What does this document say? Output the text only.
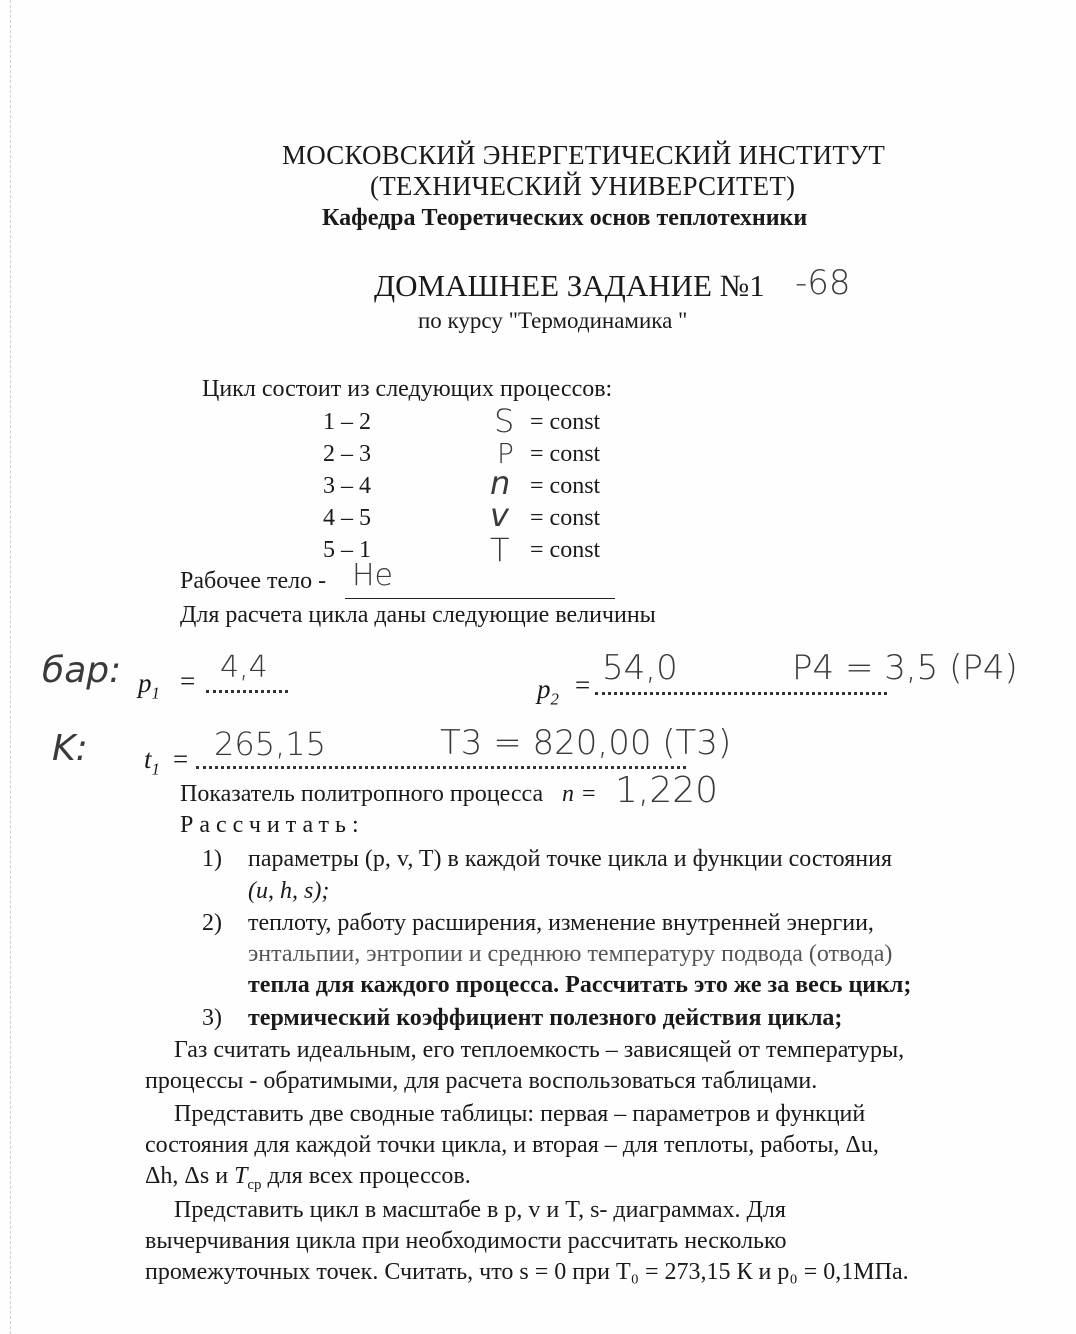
МОСКОВСКИЙ ЭНЕРГЕТИЧЕСКИЙ ИНСТИТУТ
(ТЕХНИЧЕСКИЙ УНИВЕРСИТЕТ)
Кафедра Теоретических основ теплотехники
ДОМАШНЕЕ ЗАДАНИЕ №1 -68
по курсу "Термодинамика "
Цикл состоит из следующих процессов:
1 – 2	S = const
2 – 3	P = const
3 – 4	n = const
4 – 5	v = const
5 – 1	T = const
Рабочее тело - He
Для расчета цикла даны следующие величины
бар: $p_1 = 4,4$
$p_2 = 54,0$	P4 = 3,5 (P4)
K: $t_1 = 265,15$	T3 = 820,00 (T3)
Показатель политропного процесса n = 1,220
Рассчитать:
1) параметры (p, v, T) в каждой точке цикла и функции состояния
(u, h, s);
2) теплоту, работу расширения, изменение внутренней энергии,
энтальпии, энтропии и среднюю температуру подвода (отвода)
тепла для каждого процесса. Рассчитать это же за весь цикл;
3) термический коэффициент полезного действия цикла;
Газ считать идеальным, его теплоемкость – зависящей от температуры,
процессы - обратимыми, для расчета воспользоваться таблицами.
Представить две сводные таблицы: первая – параметров и функций
состояния для каждой точки цикла, и вторая – для теплоты, работы, Δu,
Δh, Δs и $T_{ср}$ для всех процессов.
Представить цикл в масштабе в p, v и T, s- диаграммах. Для
вычерчивания цикла при необходимости рассчитать несколько
промежуточных точек. Считать, что s = 0 при T₀ = 273,15 К и p₀ = 0,1МПа.
